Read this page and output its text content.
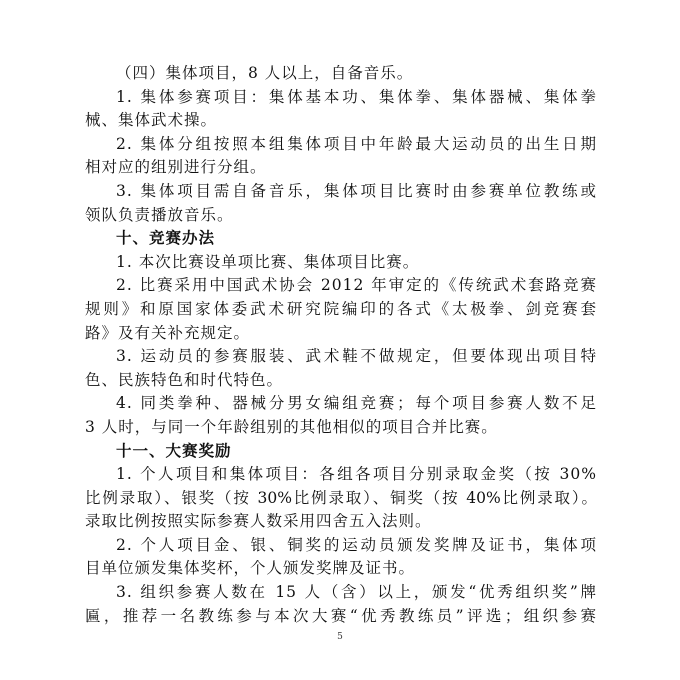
（四）集体项目，8 人以上，自备音乐。
1. 集体参赛项目：集体基本功、集体拳、集体器械、集体拳
械、集体武术操。
2. 集体分组按照本组集体项目中年龄最大运动员的出生日期
相对应的组别进行分组。
3. 集体项目需自备音乐，集体项目比赛时由参赛单位教练或
领队负责播放音乐。
十、竞赛办法
1. 本次比赛设单项比赛、集体项目比赛。
2. 比赛采用中国武术协会 2012 年审定的《传统武术套路竞赛
规则》和原国家体委武术研究院编印的各式《太极拳、剑竞赛套
路》及有关补充规定。
3. 运动员的参赛服装、武术鞋不做规定，但要体现出项目特
色、民族特色和时代特色。
4. 同类拳种、器械分男女编组竞赛；每个项目参赛人数不足
3 人时，与同一个年龄组别的其他相似的项目合并比赛。
十一、大赛奖励
1. 个人项目和集体项目：各组各项目分别录取金奖（按 30%
比例录取）、银奖（按 30%比例录取）、铜奖（按 40%比例录取）。
录取比例按照实际参赛人数采用四舍五入法则。
2. 个人项目金、银、铜奖的运动员颁发奖牌及证书，集体项
目单位颁发集体奖杯，个人颁发奖牌及证书。
3. 组织参赛人数在 15 人（含）以上，颁发“优秀组织奖”牌
匾，推荐一名教练参与本次大赛“优秀教练员”评选；组织参赛
5
